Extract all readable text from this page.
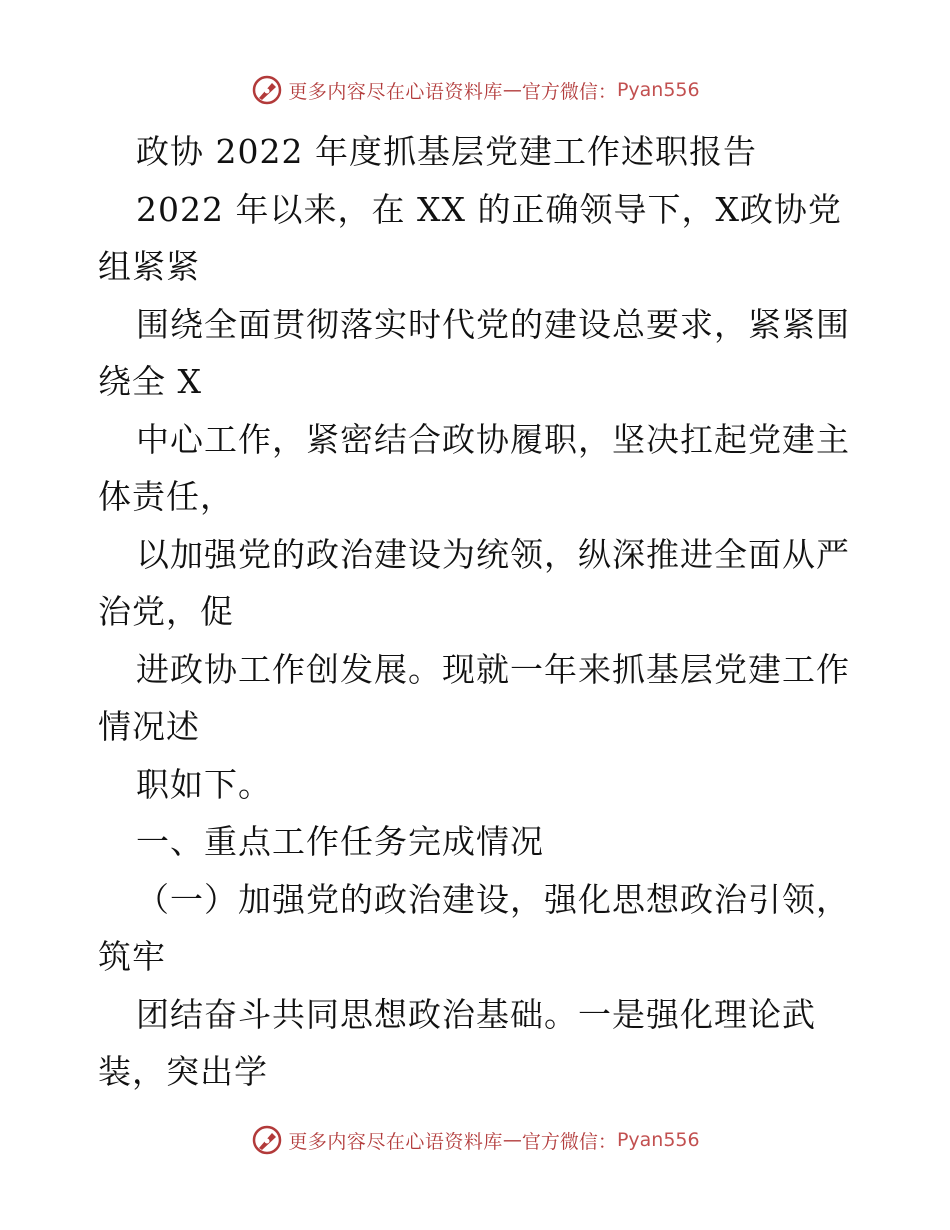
更多内容尽在心语资料库 — 官方微信： Pyan556
政协 2022 年度抓基层党建工作述职报告
2022 年以来，在 XX 的正确领导下，X政协党
组紧紧
围绕全面贯彻落实时代党的建设总要求，紧紧围
绕全 X
中心工作，紧密结合政协履职，坚决扛起党建主
体责任，
以加强党的政治建设为统领，纵深推进全面从严
治党，促
进政协工作创发展。现就一年来抓基层党建工作
情况述
职如下。
一、重点工作任务完成情况
（一）加强党的政治建设，强化思想政治引领，
筑牢
团结奋斗共同思想政治基础。一是强化理论武
装，突出学
更多内容尽在心语资料库 — 官方微信： Pyan556
